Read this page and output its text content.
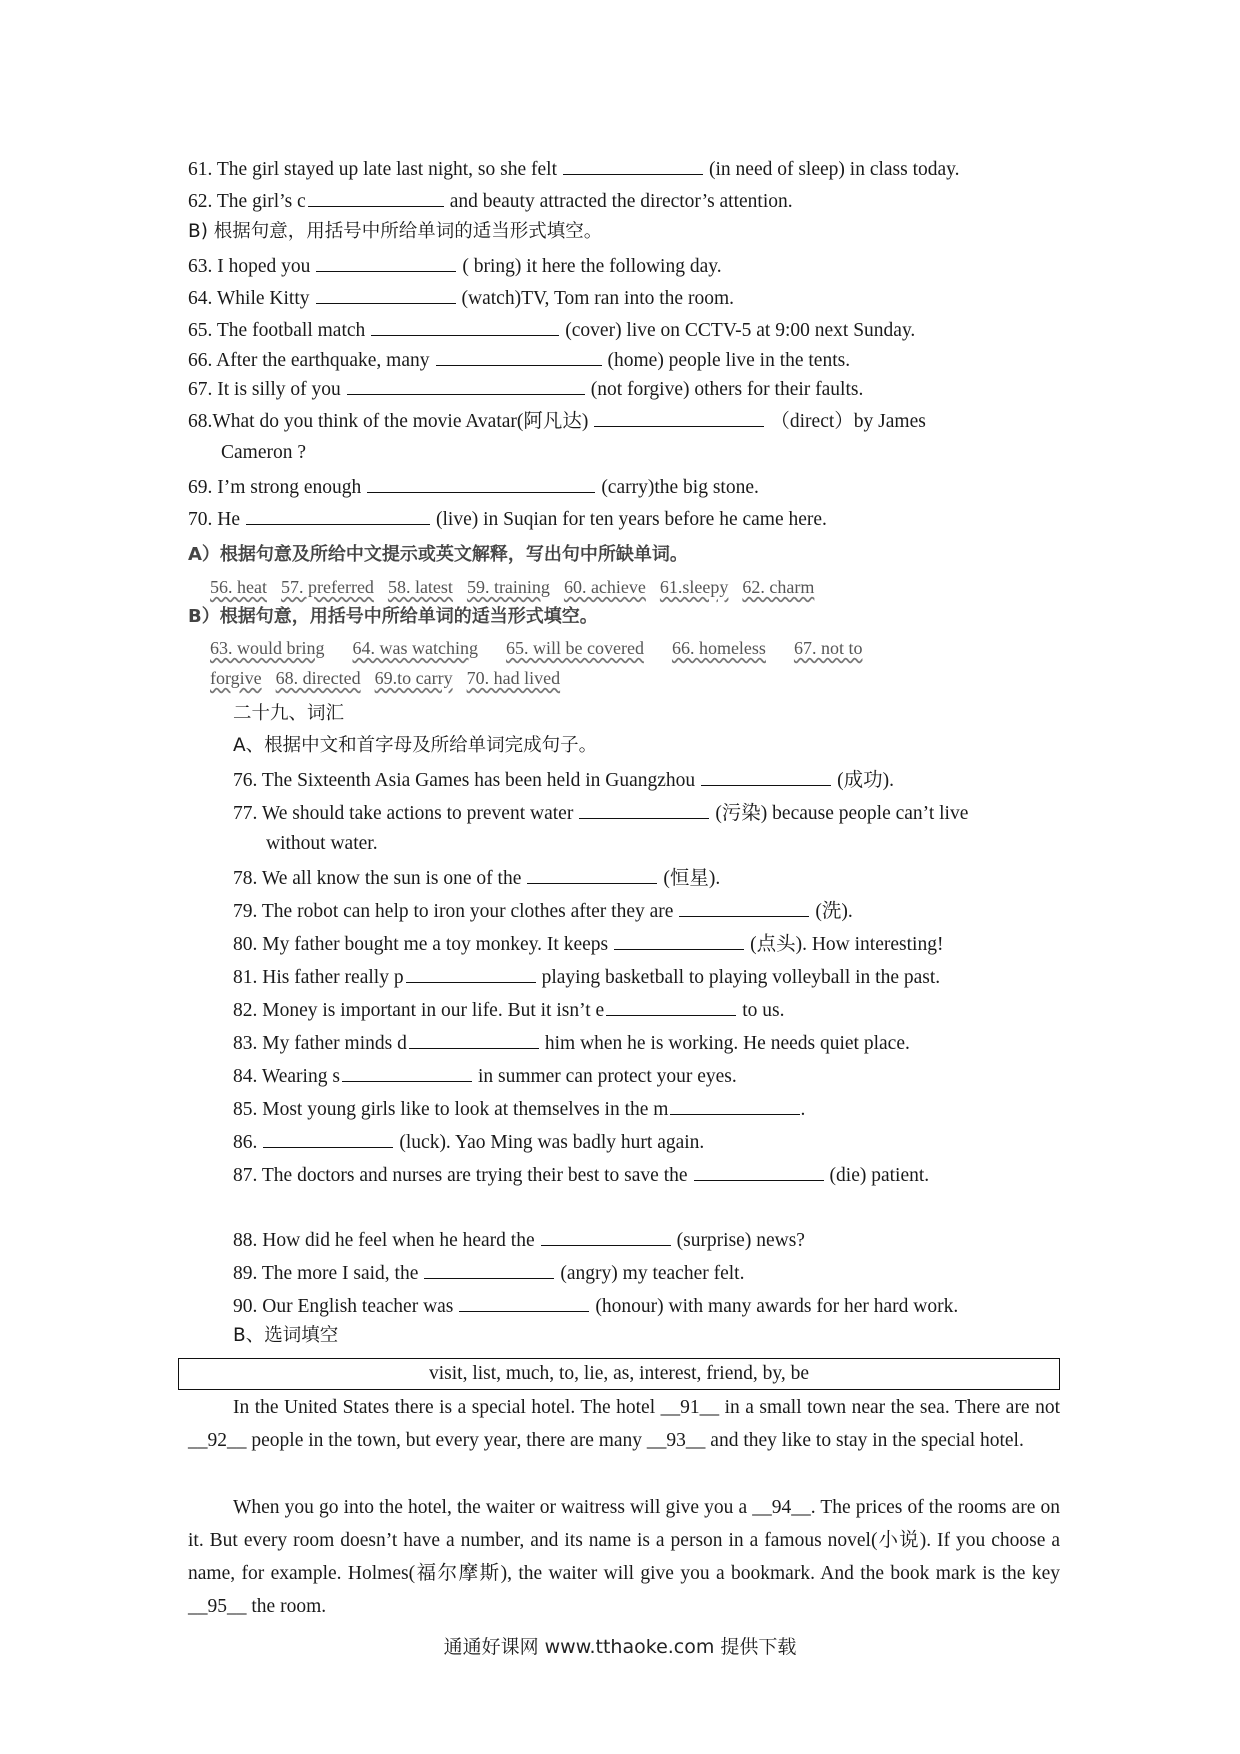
61. The girl stayed up late last night, so she felt	(in need of sleep) in class today.
62. The girl’s c	and beauty attracted the director’s attention.
B) 根据句意，用括号中所给单词的适当形式填空。
63. I hoped you	( bring) it here the following day.
64. While Kitty	(watch)TV, Tom ran into the room.
65. The football match	(cover) live on CCTV-5 at 9:00 next Sunday.
66. After the earthquake, many	(home) people live in the tents.
67. It is silly of you	(not forgive) others for their faults.
68.What do you think of the movie Avatar(阿凡达)	（direct）by James
Cameron ?
69. I’m strong enough	(carry)the big stone.
70. He	(live) in Suqian for ten years before he came here.
A）根据句意及所给中文提示或英文解释，写出句中所缺单词。
56. heat 57. preferred 58. latest 59. training 60. achieve 61.sleepy 62. charm
B）根据句意，用括号中所给单词的适当形式填空。
63. would bring 64. was watching 65. will be covered 66. homeless 67. not to
forgive 68. directed 69.to carry 70. had lived
二十九、词汇
A、根据中文和首字母及所给单词完成句子。
76. The Sixteenth Asia Games has been held in Guangzhou	(成功).
77. We should take actions to prevent water	(污染) because people can’t live
without water.
78. We all know the sun is one of the	(恒星).
79. The robot can help to iron your clothes after they are	(洗).
80. My father bought me a toy monkey. It keeps	(点头). How interesting!
81. His father really p	playing basketball to playing volleyball in the past.
82. Money is important in our life. But it isn’t e	to us.
83. My father minds d	him when he is working. He needs quiet place.
84. Wearing s	in summer can protect your eyes.
85. Most young girls like to look at themselves in the m	.
86.	(luck). Yao Ming was badly hurt again.
87. The doctors and nurses are trying their best to save the	(die) patient.
88. How did he feel when he heard the	(surprise) news?
89. The more I said, the	(angry) my teacher felt.
90. Our English teacher was	(honour) with many awards for her hard work.
B、选词填空
visit, list, much, to, lie, as, interest, friend, by, be
In the United States there is a special hotel. The hotel __91__ in a small town near the sea. There are not __92__ people in the town, but every year, there are many __93__ and they like to stay in the special hotel.
When you go into the hotel, the waiter or waitress will give you a __94__. The prices of the rooms are on it. But every room doesn’t have a number, and its name is a person in a famous novel(小说). If you choose a name, for example. Holmes(福尔摩斯), the waiter will give you a bookmark. And the book mark is the key __95__ the room.
通通好课网 www.tthaoke.com 提供下载
